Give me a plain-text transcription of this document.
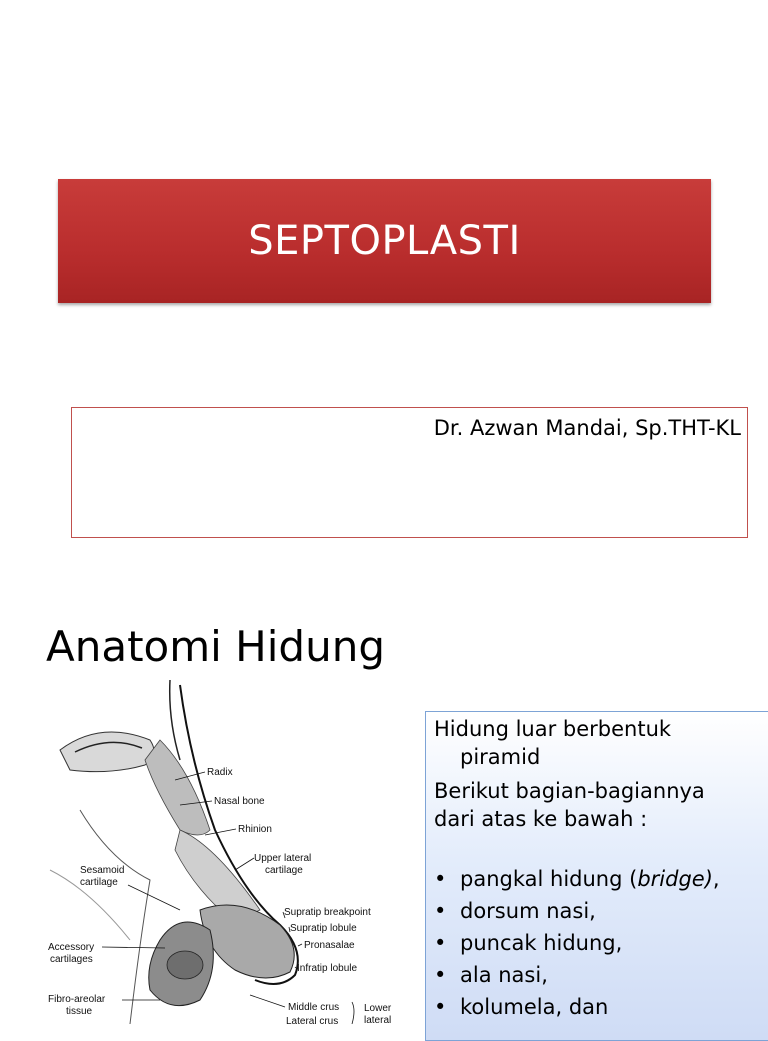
SEPTOPLASTI
Dr. Azwan Mandai, Sp.THT-KL
Anatomi Hidung
Radix
Nasal bone
Rhinion
Upper lateral
cartilage
Sesamoid
cartilage
Supratip breakpoint
Supratip lobule
Pronasalae
Infratip lobule
Accessory
cartilages
Fibro-areolar
tissue	Middle crus
Lateral crus
Lower
lateral

Hidung luar berbentuk

piramid

Berikut bagian-bagiannya

dari atas ke bawah :

• pangkal hidung (bridge),
• dorsum nasi,
• puncak hidung,
• ala nasi,
• kolumela, dan
